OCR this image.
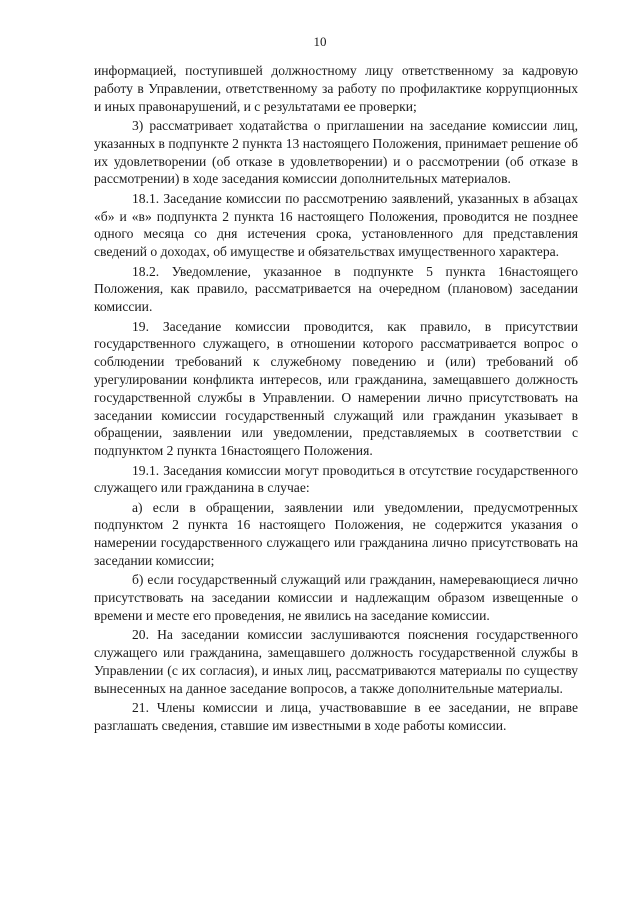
10

информацией, поступившей должностному лицу ответственному за кадровую работу в Управлении, ответственному за работу по профилактике коррупционных и иных правонарушений, и с результатами ее проверки;

3) рассматривает ходатайства о приглашении на заседание комиссии лиц, указанных в подпункте 2 пункта 13 настоящего Положения, принимает решение об их удовлетворении (об отказе в удовлетворении) и о рассмотрении (об отказе в рассмотрении) в ходе заседания комиссии дополнительных материалов.

18.1. Заседание комиссии по рассмотрению заявлений, указанных в абзацах «б» и «в» подпункта 2 пункта 16 настоящего Положения, проводится не позднее одного месяца со дня истечения срока, установленного для представления сведений о доходах, об имуществе и обязательствах имущественного характера.

18.2. Уведомление, указанное в подпункте 5 пункта 16настоящего Положения, как правило, рассматривается на очередном (плановом) заседании комиссии.

19. Заседание комиссии проводится, как правило, в присутствии государственного служащего, в отношении которого рассматривается вопрос о соблюдении требований к служебному поведению и (или) требований об урегулировании конфликта интересов, или гражданина, замещавшего должность государственной службы в Управлении. О намерении лично присутствовать на заседании комиссии государственный служащий или гражданин указывает в обращении, заявлении или уведомлении, представляемых в соответствии с подпунктом 2 пункта 16настоящего Положения.

19.1. Заседания комиссии могут проводиться в отсутствие государственного служащего или гражданина в случае:

а) если в обращении, заявлении или уведомлении, предусмотренных подпунктом 2 пункта 16 настоящего Положения, не содержится указания о намерении государственного служащего или гражданина лично присутствовать на заседании комиссии;

б) если государственный служащий или гражданин, намеревающиеся лично присутствовать на заседании комиссии и надлежащим образом извещенные о времени и месте его проведения, не явились на заседание комиссии.

20. На заседании комиссии заслушиваются пояснения государственного служащего или гражданина, замещавшего должность государственной службы в Управлении (с их согласия), и иных лиц, рассматриваются материалы по существу вынесенных на данное заседание вопросов, а также дополнительные материалы.

21. Члены комиссии и лица, участвовавшие в ее заседании, не вправе разглашать сведения, ставшие им известными в ходе работы комиссии.
